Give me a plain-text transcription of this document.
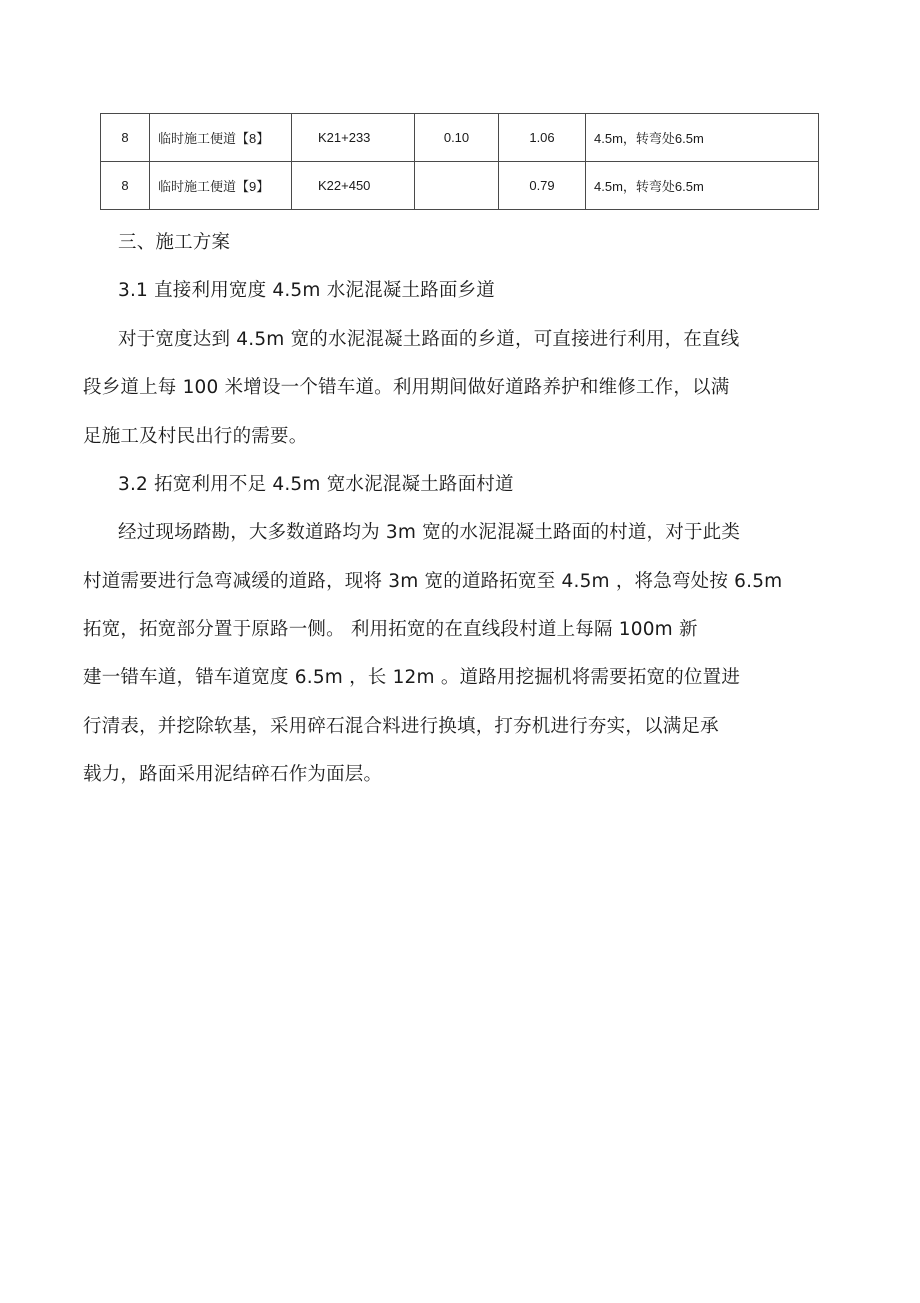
8	临时施工便道【8】	K21+233	0.10	1.06	4.5m，转弯处6.5m
8	临时施工便道【9】	K22+450		0.79	4.5m，转弯处6.5m
三、施工方案
3.1 直接利用宽度 4.5m 水泥混凝土路面乡道
对于宽度达到 4.5m 宽的水泥混凝土路面的乡道，可直接进行利用，在直线
段乡道上每 100 米增设一个错车道。利用期间做好道路养护和维修工作，以满
足施工及村民出行的需要。
3.2 拓宽利用不足 4.5m 宽水泥混凝土路面村道
经过现场踏勘，大多数道路均为 3m 宽的水泥混凝土路面的村道，对于此类
村道需要进行急弯减缓的道路，现将 3m 宽的道路拓宽至 4.5m ，将急弯处按 6.5m
拓宽，拓宽部分置于原路一侧。 利用拓宽的在直线段村道上每隔 100m 新
建一错车道，错车道宽度 6.5m ，长 12m 。道路用挖掘机将需要拓宽的位置进
行清表，并挖除软基，采用碎石混合料进行换填，打夯机进行夯实，以满足承
载力，路面采用泥结碎石作为面层。
